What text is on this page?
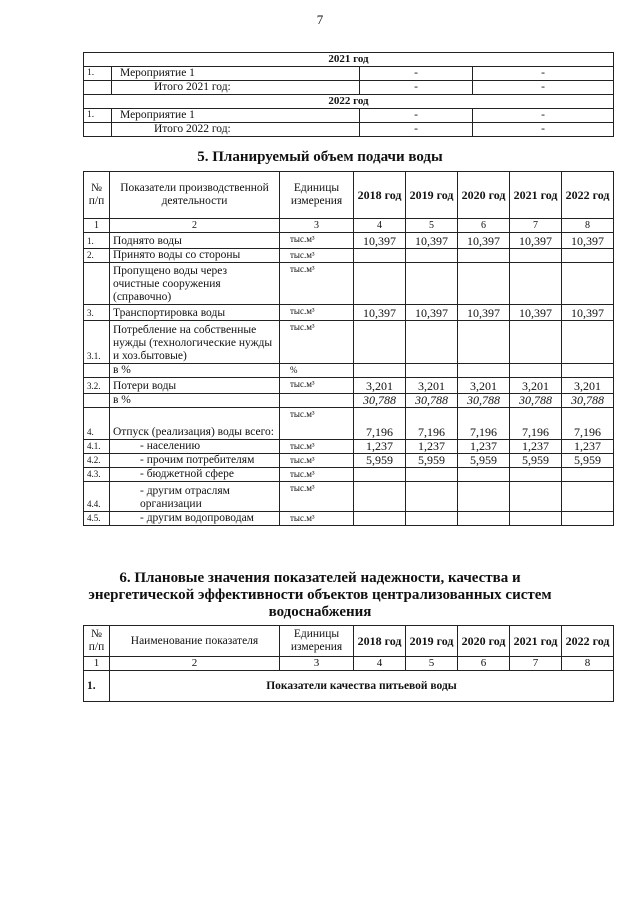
7
2021 год			
1.	Мероприятие 1	-	-
	Итого 2021 год:	-	-
2022 год			
1.	Мероприятие 1	-	-
	Итого 2022 год:	-	-
5. Планируемый объем подачи воды
№ п/п	Показатели производственной деятельности	Единицы измерения	2018 год	2019 год	2020 год	2021 год	2022 год
1	2	3	4	5	6	7	8
1.	Поднято воды	тыс.м³	10,397	10,397	10,397	10,397	10,397
2.	Принято воды со стороны	тыс.м³					
	Пропущено воды через очистные сооружения (справочно)	тыс.м³					
3.	Транспортировка воды	тыс.м³	10,397	10,397	10,397	10,397	10,397
3.1.	Потребление на собственные нужды (технологические нужды и хоз.бытовые)	тыс.м³					
	в %	%					
3.2.	Потери воды	тыс.м³	3,201	3,201	3,201	3,201	3,201
	в %		30,788	30,788	30,788	30,788	30,788
4.	Отпуск (реализация) воды всего:	тыс.м³	7,196	7,196	7,196	7,196	7,196
4.1.	- населению	тыс.м³	1,237	1,237	1,237	1,237	1,237
4.2.	- прочим потребителям	тыс.м³	5,959	5,959	5,959	5,959	5,959
4.3.	- бюджетной сфере	тыс.м³					
4.4.	- другим отраслям организации	тыс.м³					
4.5.	- другим водопроводам	тыс.м³					
6. Плановые значения показателей надежности, качества и
энергетической эффективности объектов централизованных систем
водоснабжения
№ п/п	Наименование показателя	Единицы измерения	2018 год	2019 год	2020 год	2021 год	2022 год
1	2	3	4	5	6	7	8
1.	Показатели качества питьевой воды						
